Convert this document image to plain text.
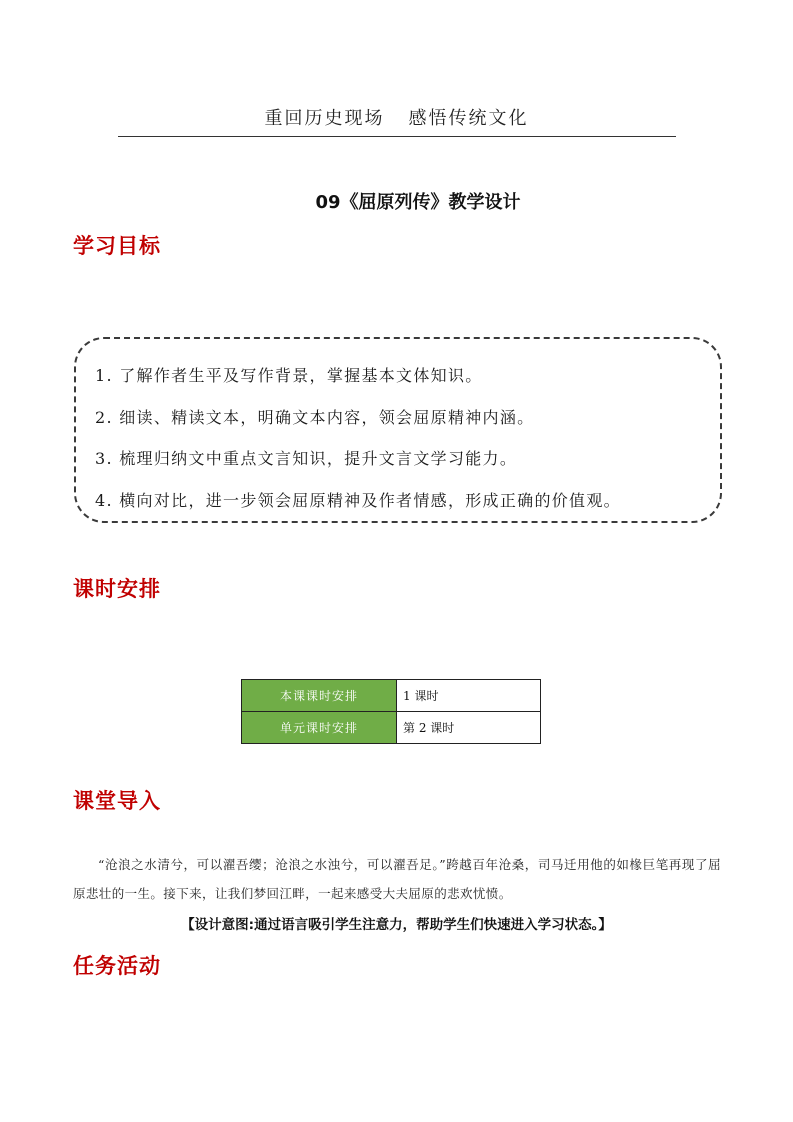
重回历史现场 感悟传统文化
09《屈原列传》教学设计
学习目标
1. 了解作者生平及写作背景，掌握基本文体知识。
2. 细读、精读文本，明确文本内容，领会屈原精神内涵。
3. 梳理归纳文中重点文言知识，提升文言文学习能力。
4. 横向对比，进一步领会屈原精神及作者情感，形成正确的价值观。
课时安排
本课课时安排	1 课时
单元课时安排	第 2 课时
课堂导入
“沧浪之水清兮，可以濯吾缨；沧浪之水浊兮，可以濯吾足。”跨越百年沧桑，司马迁用他的如椽巨笔再现了屈原悲壮的一生。接下来，让我们梦回江畔，一起来感受大夫屈原的悲欢忧愤。
【设计意图:通过语言吸引学生注意力，帮助学生们快速进入学习状态。】
任务活动
